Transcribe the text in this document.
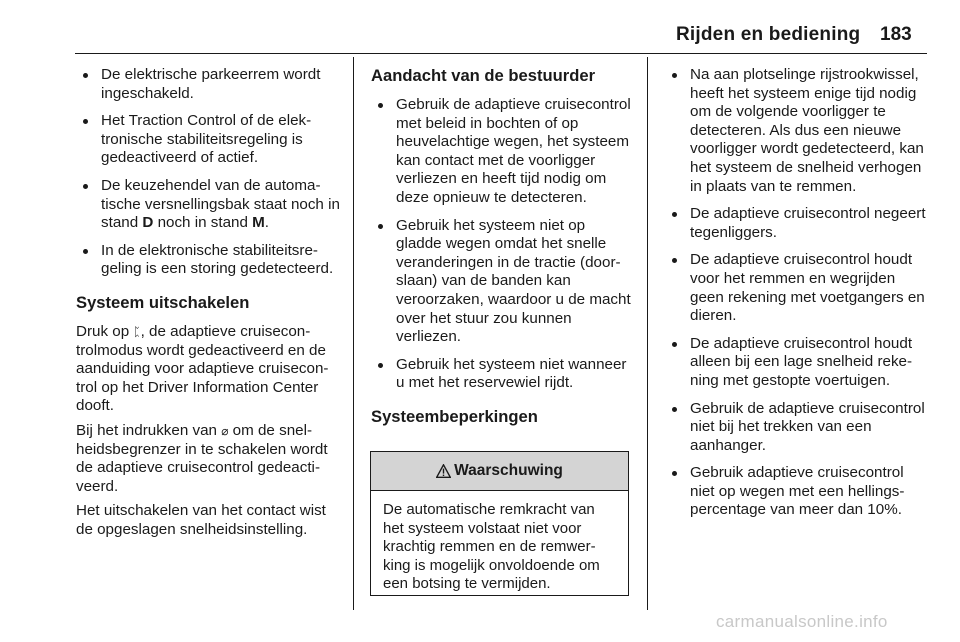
Rijden en bediening 183
De elektrische parkeerrem wordt ingeschakeld.
Het Traction Control of de elektronische stabiliteitsregeling is gedeactiveerd of actief.
De keuzehendel van de automatische versnellingsbak staat noch in stand D noch in stand M.
In de elektronische stabiliteitsregeling is een storing gedetecteerd.
Systeem uitschakelen

Druk op ᛈ, de adaptieve cruisecontrolmodus wordt gedeactiveerd en de aanduiding voor adaptieve cruisecontrol op het Driver Information Center dooft.

Bij het indrukken van ⌀ om de snelheidsbegrenzer in te schakelen wordt de adaptieve cruisecontrol gedeactiveerd.

Het uitschakelen van het contact wist de opgeslagen snelheidsinstelling.

Aandacht van de bestuurder
Gebruik de adaptieve cruisecontrol met beleid in bochten of op heuvelachtige wegen, het systeem kan contact met de voorligger verliezen en heeft tijd nodig om deze opnieuw te detecteren.
Gebruik het systeem niet op gladde wegen omdat het snelle veranderingen in de tractie (doorslaan) van de banden kan veroorzaken, waardoor u de macht over het stuur zou kunnen verliezen.
Gebruik het systeem niet wanneer u met het reservewiel rijdt.
Systeembeperkingen
Waarschuwing
De automatische remkracht van het systeem volstaat niet voor krachtig remmen en de remwerking is mogelijk onvoldoende om een botsing te vermijden.
Na aan plotselinge rijstrookwissel, heeft het systeem enige tijd nodig om de volgende voorligger te detecteren. Als dus een nieuwe voorligger wordt gedetecteerd, kan het systeem de snelheid verhogen in plaats van te remmen.
De adaptieve cruisecontrol negeert tegenliggers.
De adaptieve cruisecontrol houdt voor het remmen en wegrijden geen rekening met voetgangers en dieren.
De adaptieve cruisecontrol houdt alleen bij een lage snelheid rekening met gestopte voertuigen.
Gebruik de adaptieve cruisecontrol niet bij het trekken van een aanhanger.
Gebruik adaptieve cruisecontrol niet op wegen met een hellingspercentage van meer dan 10%.
carmanualsonline.info
